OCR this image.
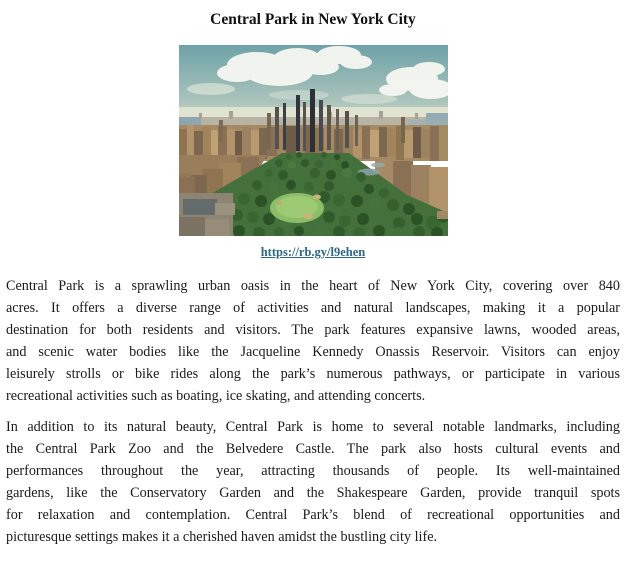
Central Park in New York City
https://rb.gy/l9ehen
Central Park is a sprawling urban oasis in the heart of New York City, covering over 840
acres. It offers a diverse range of activities and natural landscapes, making it a popular
destination for both residents and visitors. The park features expansive lawns, wooded areas,
and scenic water bodies like the Jacqueline Kennedy Onassis Reservoir. Visitors can enjoy
leisurely strolls or bike rides along the park’s numerous pathways, or participate in various
recreational activities such as boating, ice skating, and attending concerts.
In addition to its natural beauty, Central Park is home to several notable landmarks, including
the Central Park Zoo and the Belvedere Castle. The park also hosts cultural events and
performances throughout the year, attracting thousands of people. Its well-maintained
gardens, like the Conservatory Garden and the Shakespeare Garden, provide tranquil spots
for relaxation and contemplation. Central Park’s blend of recreational opportunities and
picturesque settings makes it a cherished haven amidst the bustling city life.
